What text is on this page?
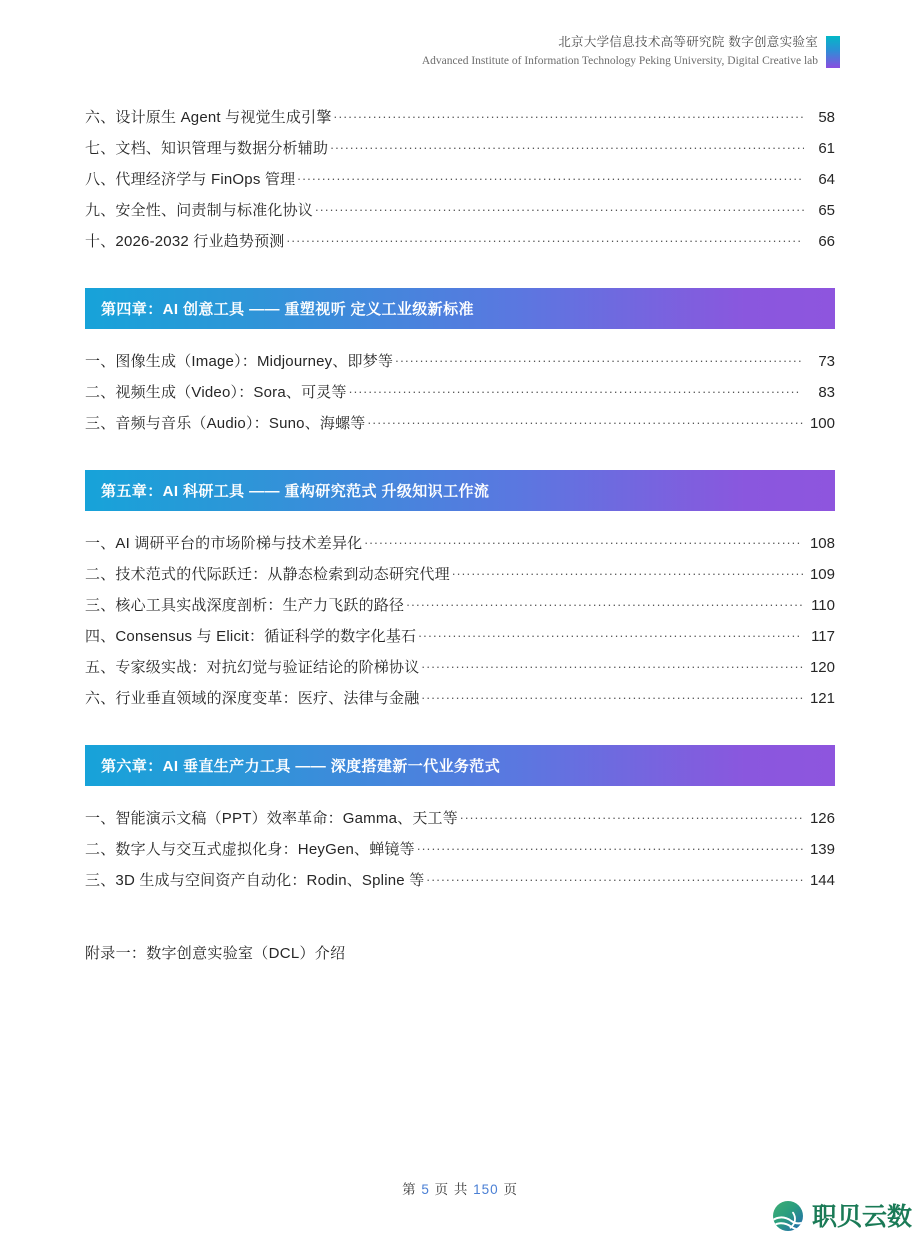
北京大学信息技术高等研究院 数字创意实验室
Advanced Institute of Information Technology Peking University, Digital Creative lab
六、设计原生 Agent 与视觉生成引擎 .....	58
七、文档、知识管理与数据分析辅助 .....	61
八、代理经济学与 FinOps 管理 .....	64
九、安全性、问责制与标准化协议 .....	65
十、2026-2032 行业趋势预测 .....	66
第四章：AI 创意工具 —— 重塑视听 定义工业级新标准
一、图像生成（Image）：Midjourney、即梦等 .....	73
二、视频生成（Video）：Sora、可灵等 .....	83
三、音频与音乐（Audio）：Suno、海螺等 .....	100
第五章：AI 科研工具 —— 重构研究范式 升级知识工作流
一、AI 调研平台的市场阶梯与技术差异化 .....	108
二、技术范式的代际跃迁：从静态检索到动态研究代理 .....	109
三、核心工具实战深度剖析：生产力飞跃的路径 .....	110
四、Consensus 与 Elicit：循证科学的数字化基石 .....	117
五、专家级实战：对抗幻觉与验证结论的阶梯协议 .....	120
六、行业垂直领域的深度变革：医疗、法律与金融 .....	121
第六章：AI 垂直生产力工具 —— 深度搭建新一代业务范式
一、智能演示文稿（PPT）效率革命：Gamma、天工等 .....	126
二、数字人与交互式虚拟化身：HeyGen、蝉镜等 .....	139
三、3D 生成与空间资产自动化：Rodin、Spline 等 .....	144
附录一：数字创意实验室（DCL）介绍
第 5 页 共 150 页
职贝云数
